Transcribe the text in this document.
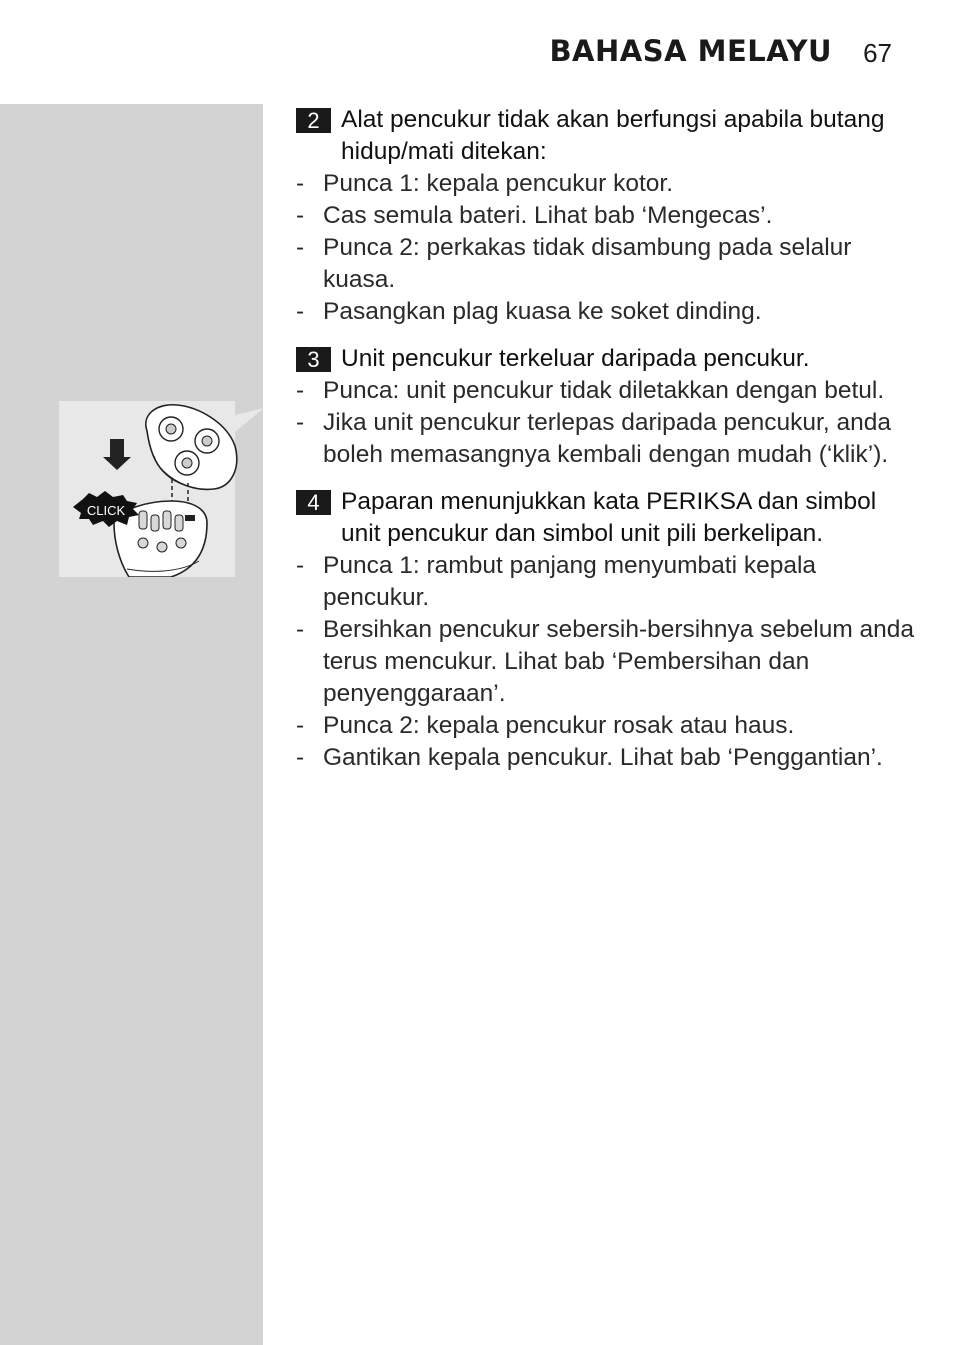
BAHASA MELAYU 67
CLICK
2 Alat pencukur tidak akan berfungsi apabila butang hidup/mati ditekan:
- Punca 1: kepala pencukur kotor.
- Cas semula bateri. Lihat bab ‘Mengecas’.
- Punca 2: perkakas tidak disambung pada selalur kuasa.
- Pasangkan plag kuasa ke soket dinding.
3 Unit pencukur terkeluar daripada pencukur.
- Punca: unit pencukur tidak diletakkan dengan betul.
- Jika unit pencukur terlepas daripada pencukur, anda boleh memasangnya kembali dengan mudah (‘klik’).
4 Paparan menunjukkan kata PERIKSA dan simbol unit pencukur dan simbol unit pili berkelipan.
- Punca 1: rambut panjang menyumbati kepala pencukur.
- Bersihkan pencukur sebersih-bersihnya sebelum anda terus mencukur. Lihat bab ‘Pembersihan dan penyenggaraan’.
- Punca 2: kepala pencukur rosak atau haus.
- Gantikan kepala pencukur. Lihat bab ‘Penggantian’.
